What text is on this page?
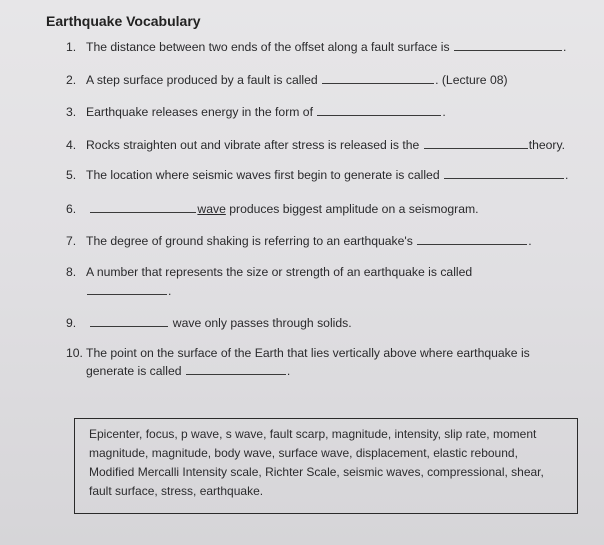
Earthquake Vocabulary
1. The distance between two ends of the offset along a fault surface is	.
2. A step surface produced by a fault is called	. (Lecture 08)
3. Earthquake releases energy in the form of	.
4. Rocks straighten out and vibrate after stress is released is the	theory.
5. The location where seismic waves first begin to generate is called	.
6.	wave produces biggest amplitude on a seismogram.
7. The degree of ground shaking is referring to an earthquake's	.
8. A number that represents the size or strength of an earthquake is called
.
9.	wave only passes through solids.
10. The point on the surface of the Earth that lies vertically above where earthquake is
generate is called	.
Epicenter, focus, p wave, s wave, fault scarp, magnitude, intensity, slip rate, moment magnitude, magnitude, body wave, surface wave, displacement, elastic rebound, Modified Mercalli Intensity scale, Richter Scale, seismic waves, compressional, shear, fault surface, stress, earthquake.
